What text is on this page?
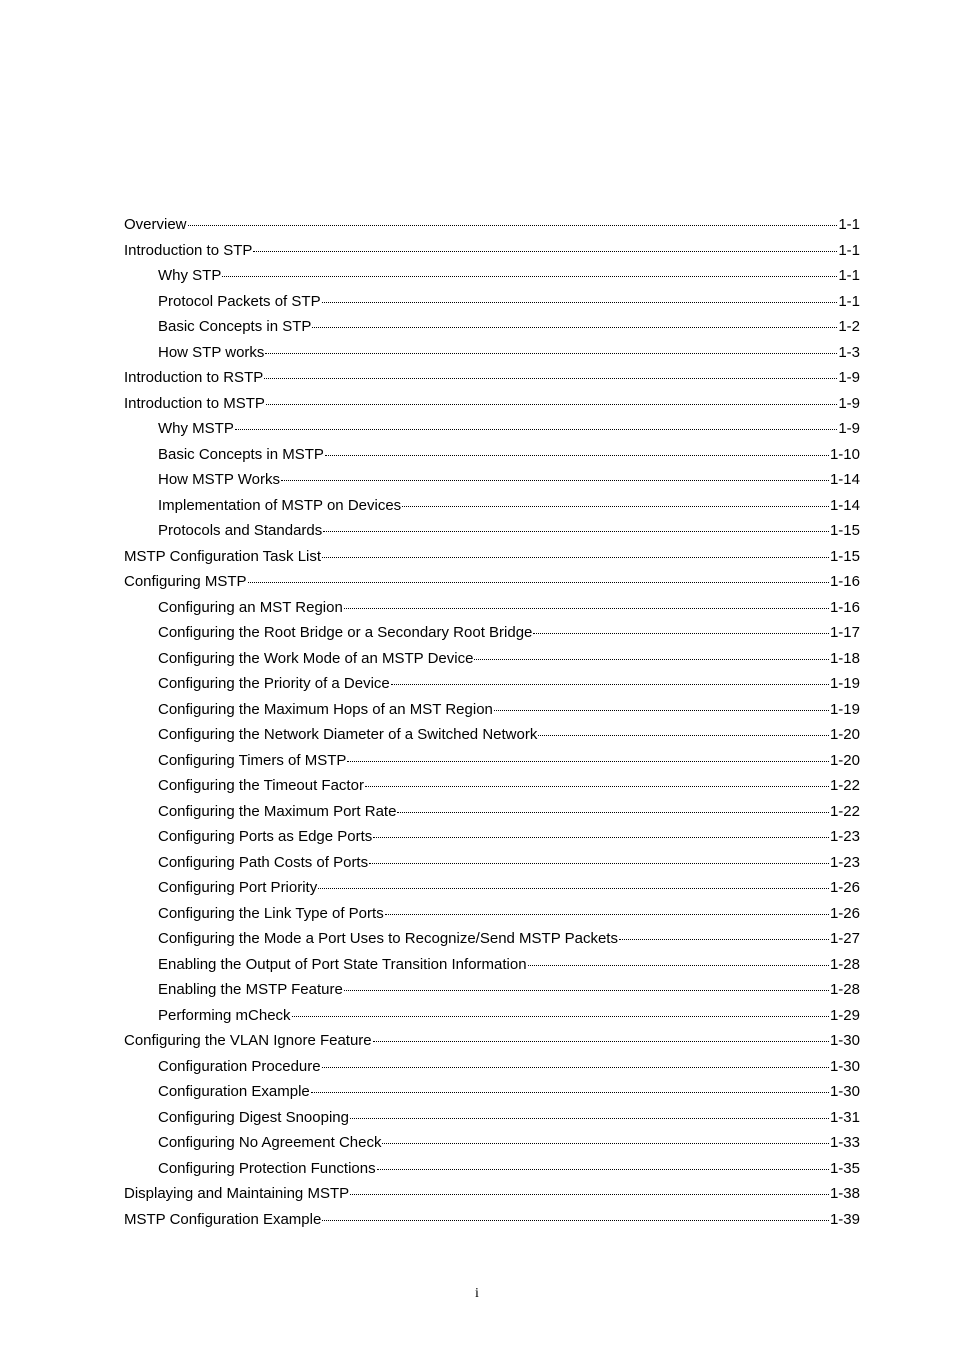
Overview	1-1
Introduction to STP	1-1
Why STP	1-1
Protocol Packets of STP	1-1
Basic Concepts in STP	1-2
How STP works	1-3
Introduction to RSTP	1-9
Introduction to MSTP	1-9
Why MSTP	1-9
Basic Concepts in MSTP	1-10
How MSTP Works	1-14
Implementation of MSTP on Devices	1-14
Protocols and Standards	1-15
MSTP Configuration Task List	1-15
Configuring MSTP	1-16
Configuring an MST Region	1-16
Configuring the Root Bridge or a Secondary Root Bridge	1-17
Configuring the Work Mode of an MSTP Device	1-18
Configuring the Priority of a Device	1-19
Configuring the Maximum Hops of an MST Region	1-19
Configuring the Network Diameter of a Switched Network	1-20
Configuring Timers of MSTP	1-20
Configuring the Timeout Factor	1-22
Configuring the Maximum Port Rate	1-22
Configuring Ports as Edge Ports	1-23
Configuring Path Costs of Ports	1-23
Configuring Port Priority	1-26
Configuring the Link Type of Ports	1-26
Configuring the Mode a Port Uses to Recognize/Send MSTP Packets	1-27
Enabling the Output of Port State Transition Information	1-28
Enabling the MSTP Feature	1-28
Performing mCheck	1-29
Configuring the VLAN Ignore Feature	1-30
Configuration Procedure	1-30
Configuration Example	1-30
Configuring Digest Snooping	1-31
Configuring No Agreement Check	1-33
Configuring Protection Functions	1-35
Displaying and Maintaining MSTP	1-38
MSTP Configuration Example	1-39
i
